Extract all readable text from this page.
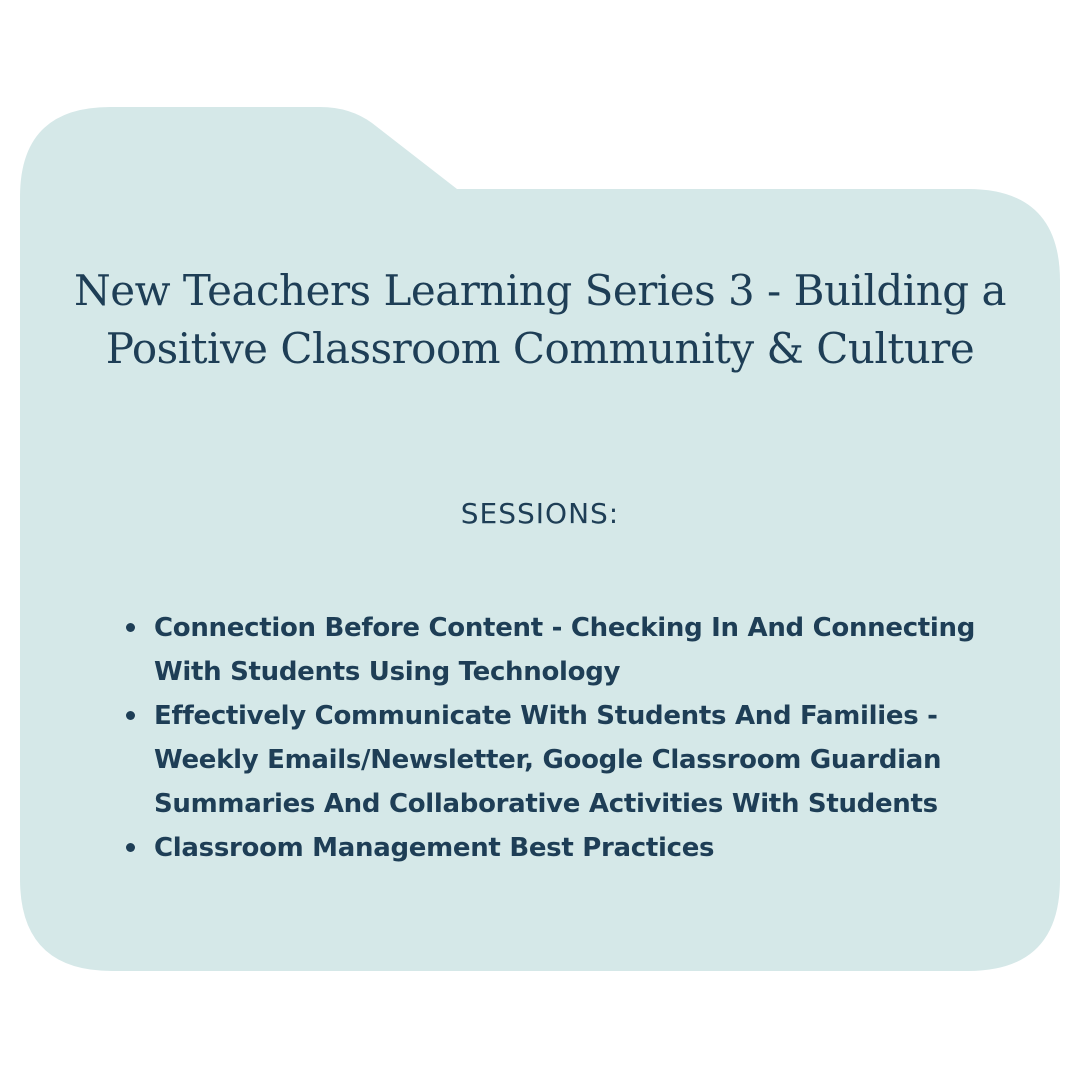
New Teachers Learning Series 3 - Building a Positive Classroom Community & Culture
SESSIONS:
Connection Before Content - Checking In And Connecting With Students Using Technology
Effectively Communicate With Students And Families - Weekly Emails/Newsletter, Google Classroom Guardian Summaries And Collaborative Activities With Students
Classroom Management Best Practices
